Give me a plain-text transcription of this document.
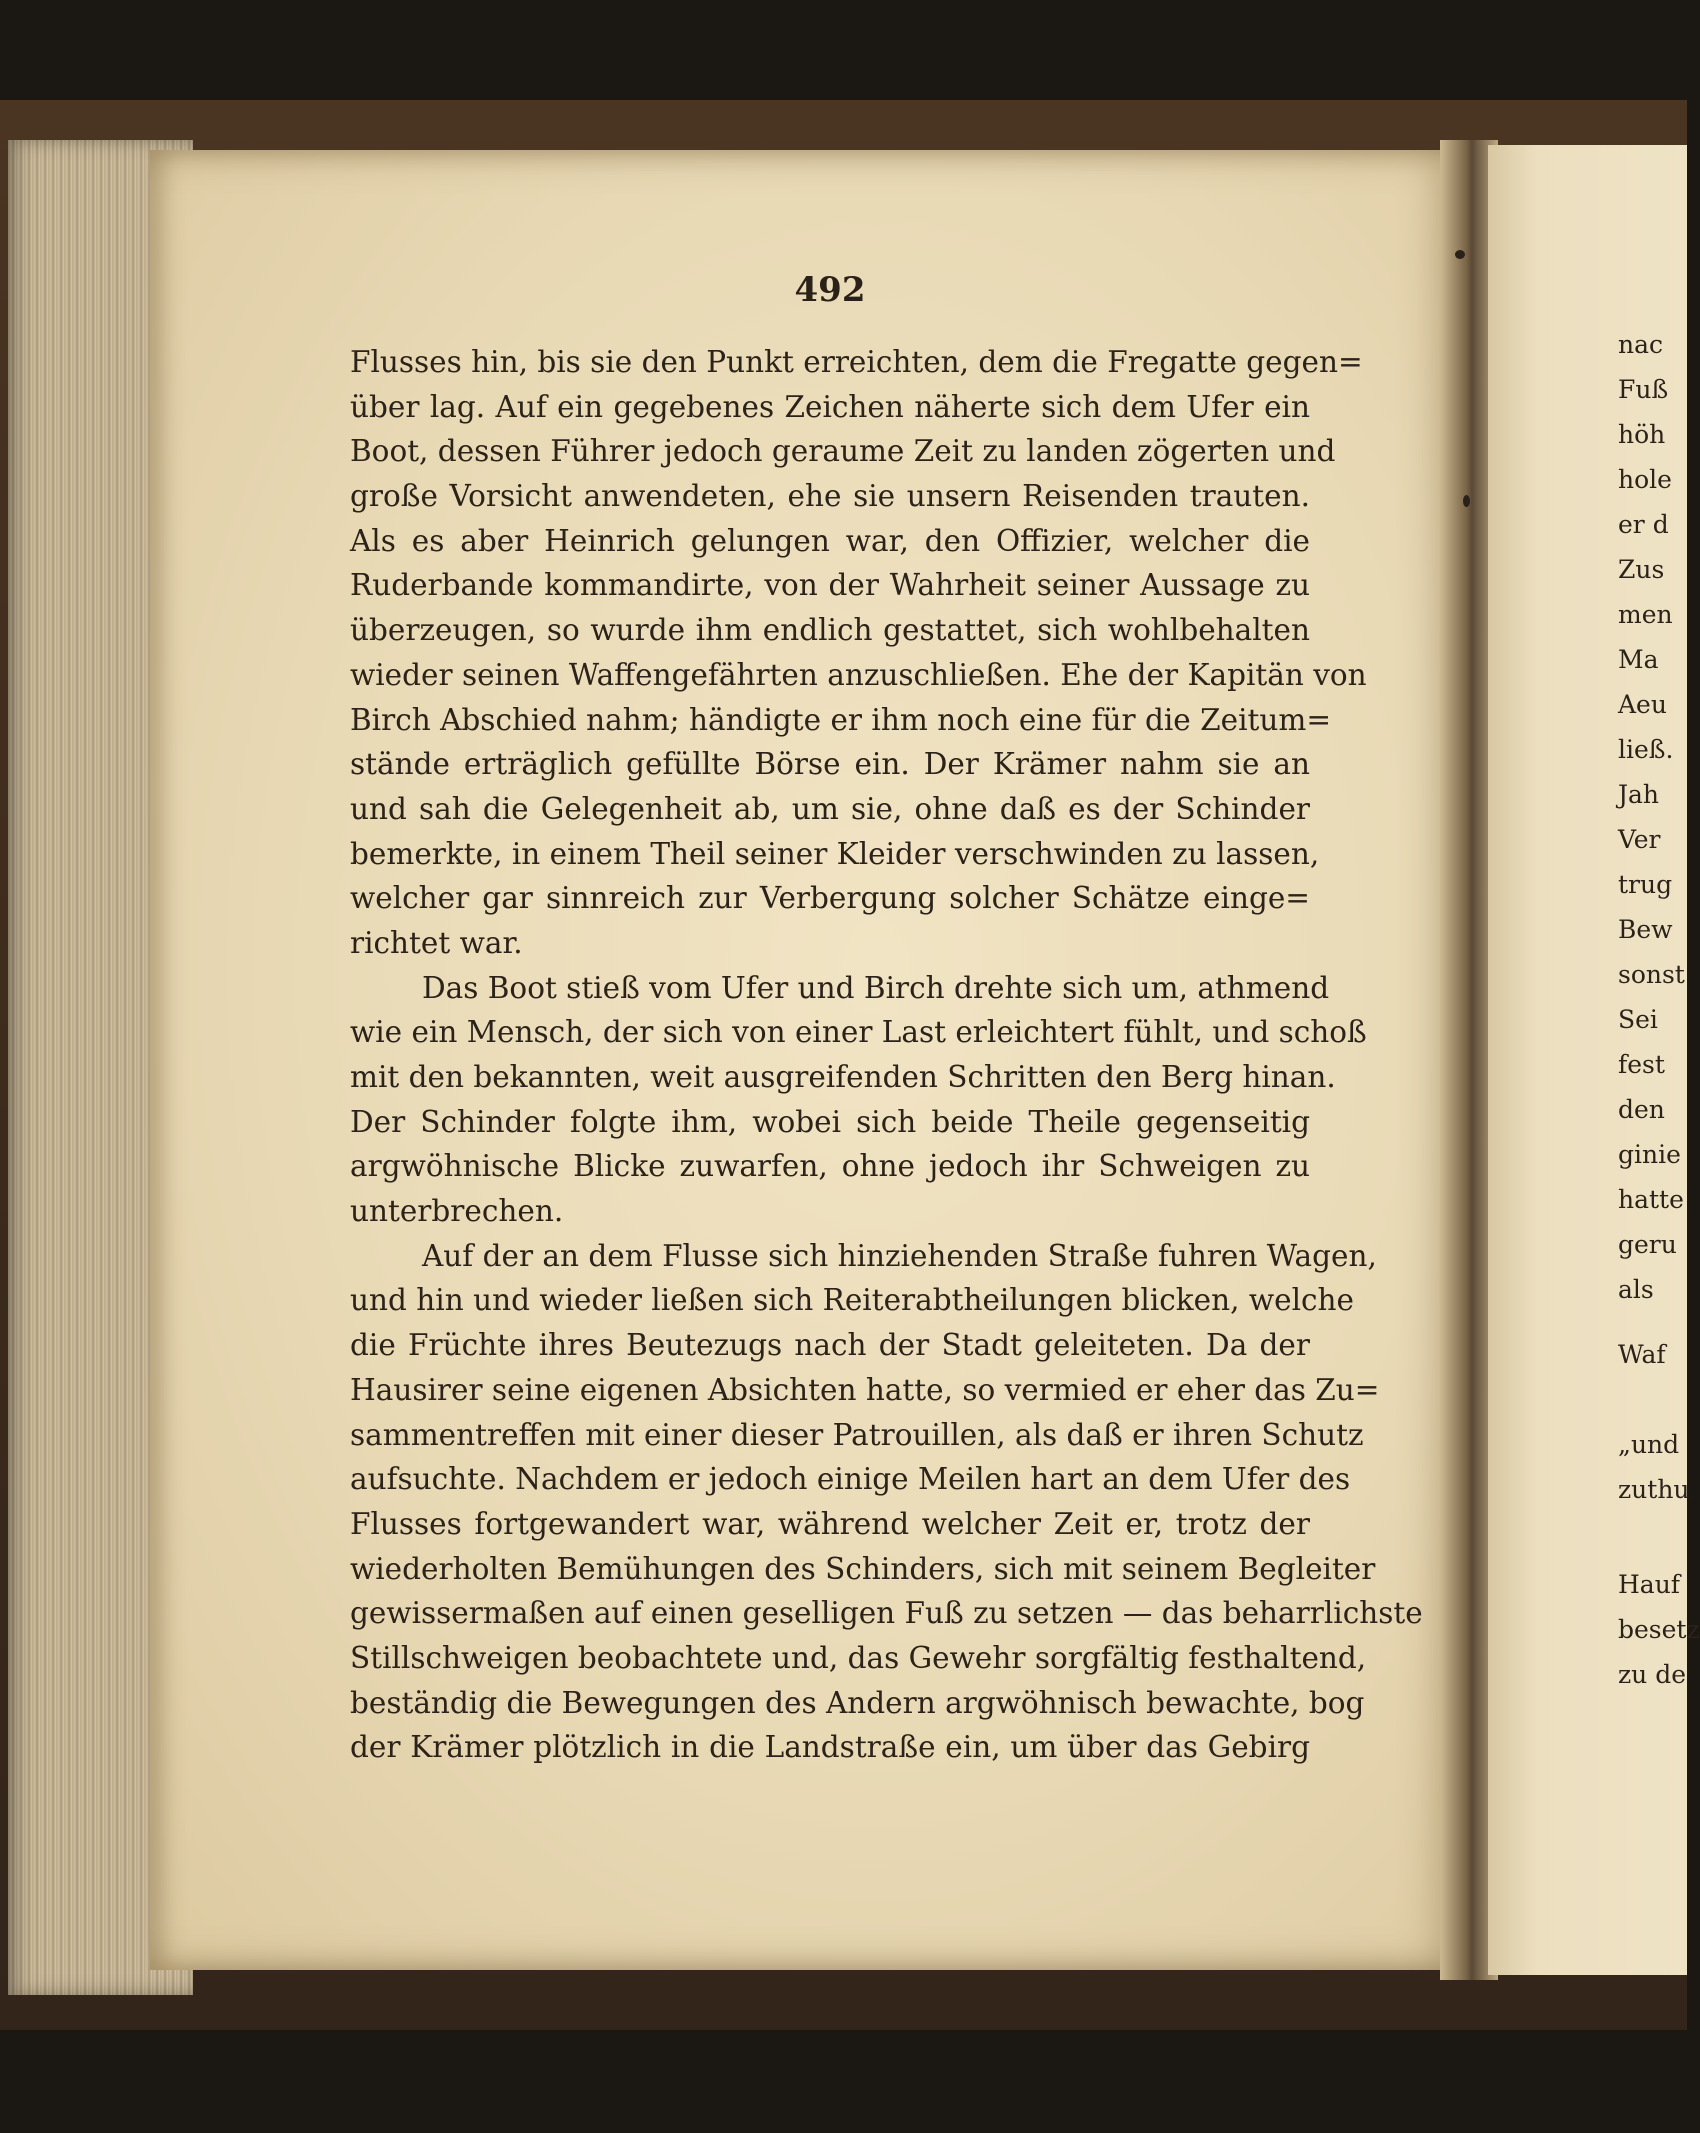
492
Flusses hin, bis sie den Punkt erreichten, dem die Fregatte gegen=
über lag. Auf ein gegebenes Zeichen näherte sich dem Ufer ein
Boot, dessen Führer jedoch geraume Zeit zu landen zögerten und
große Vorsicht anwendeten, ehe sie unsern Reisenden trauten.
Als es aber Heinrich gelungen war, den Offizier, welcher die
Ruderbande kommandirte, von der Wahrheit seiner Aussage zu
überzeugen, so wurde ihm endlich gestattet, sich wohlbehalten
wieder seinen Waffengefährten anzuschließen. Ehe der Kapitän von
Birch Abschied nahm; händigte er ihm noch eine für die Zeitum=
stände erträglich gefüllte Börse ein. Der Krämer nahm sie an
und sah die Gelegenheit ab, um sie, ohne daß es der Schinder
bemerkte, in einem Theil seiner Kleider verschwinden zu lassen,
welcher gar sinnreich zur Verbergung solcher Schätze einge=
richtet war.
Das Boot stieß vom Ufer und Birch drehte sich um, athmend
wie ein Mensch, der sich von einer Last erleichtert fühlt, und schoß
mit den bekannten, weit ausgreifenden Schritten den Berg hinan.
Der Schinder folgte ihm, wobei sich beide Theile gegenseitig
argwöhnische Blicke zuwarfen, ohne jedoch ihr Schweigen zu
unterbrechen.
Auf der an dem Flusse sich hinziehenden Straße fuhren Wagen,
und hin und wieder ließen sich Reiterabtheilungen blicken, welche
die Früchte ihres Beutezugs nach der Stadt geleiteten. Da der
Hausirer seine eigenen Absichten hatte, so vermied er eher das Zu=
sammentreffen mit einer dieser Patrouillen, als daß er ihren Schutz
aufsuchte. Nachdem er jedoch einige Meilen hart an dem Ufer des
Flusses fortgewandert war, während welcher Zeit er, trotz der
wiederholten Bemühungen des Schinders, sich mit seinem Begleiter
gewissermaßen auf einen geselligen Fuß zu setzen — das beharrlichste
Stillschweigen beobachtete und, das Gewehr sorgfältig festhaltend,
beständig die Bewegungen des Andern argwöhnisch bewachte, bog
der Krämer plötzlich in die Landstraße ein, um über das Gebirg
nac
Fuß
höh
hole
er d
Zus
men
Ma
Aeu
ließ.
Jah
Ver
trug
Bew
sonst
Sei
fest
den
ginie
hatte
geru
als
Waf
„und
zuthu
Hauf
besetz
zu de
